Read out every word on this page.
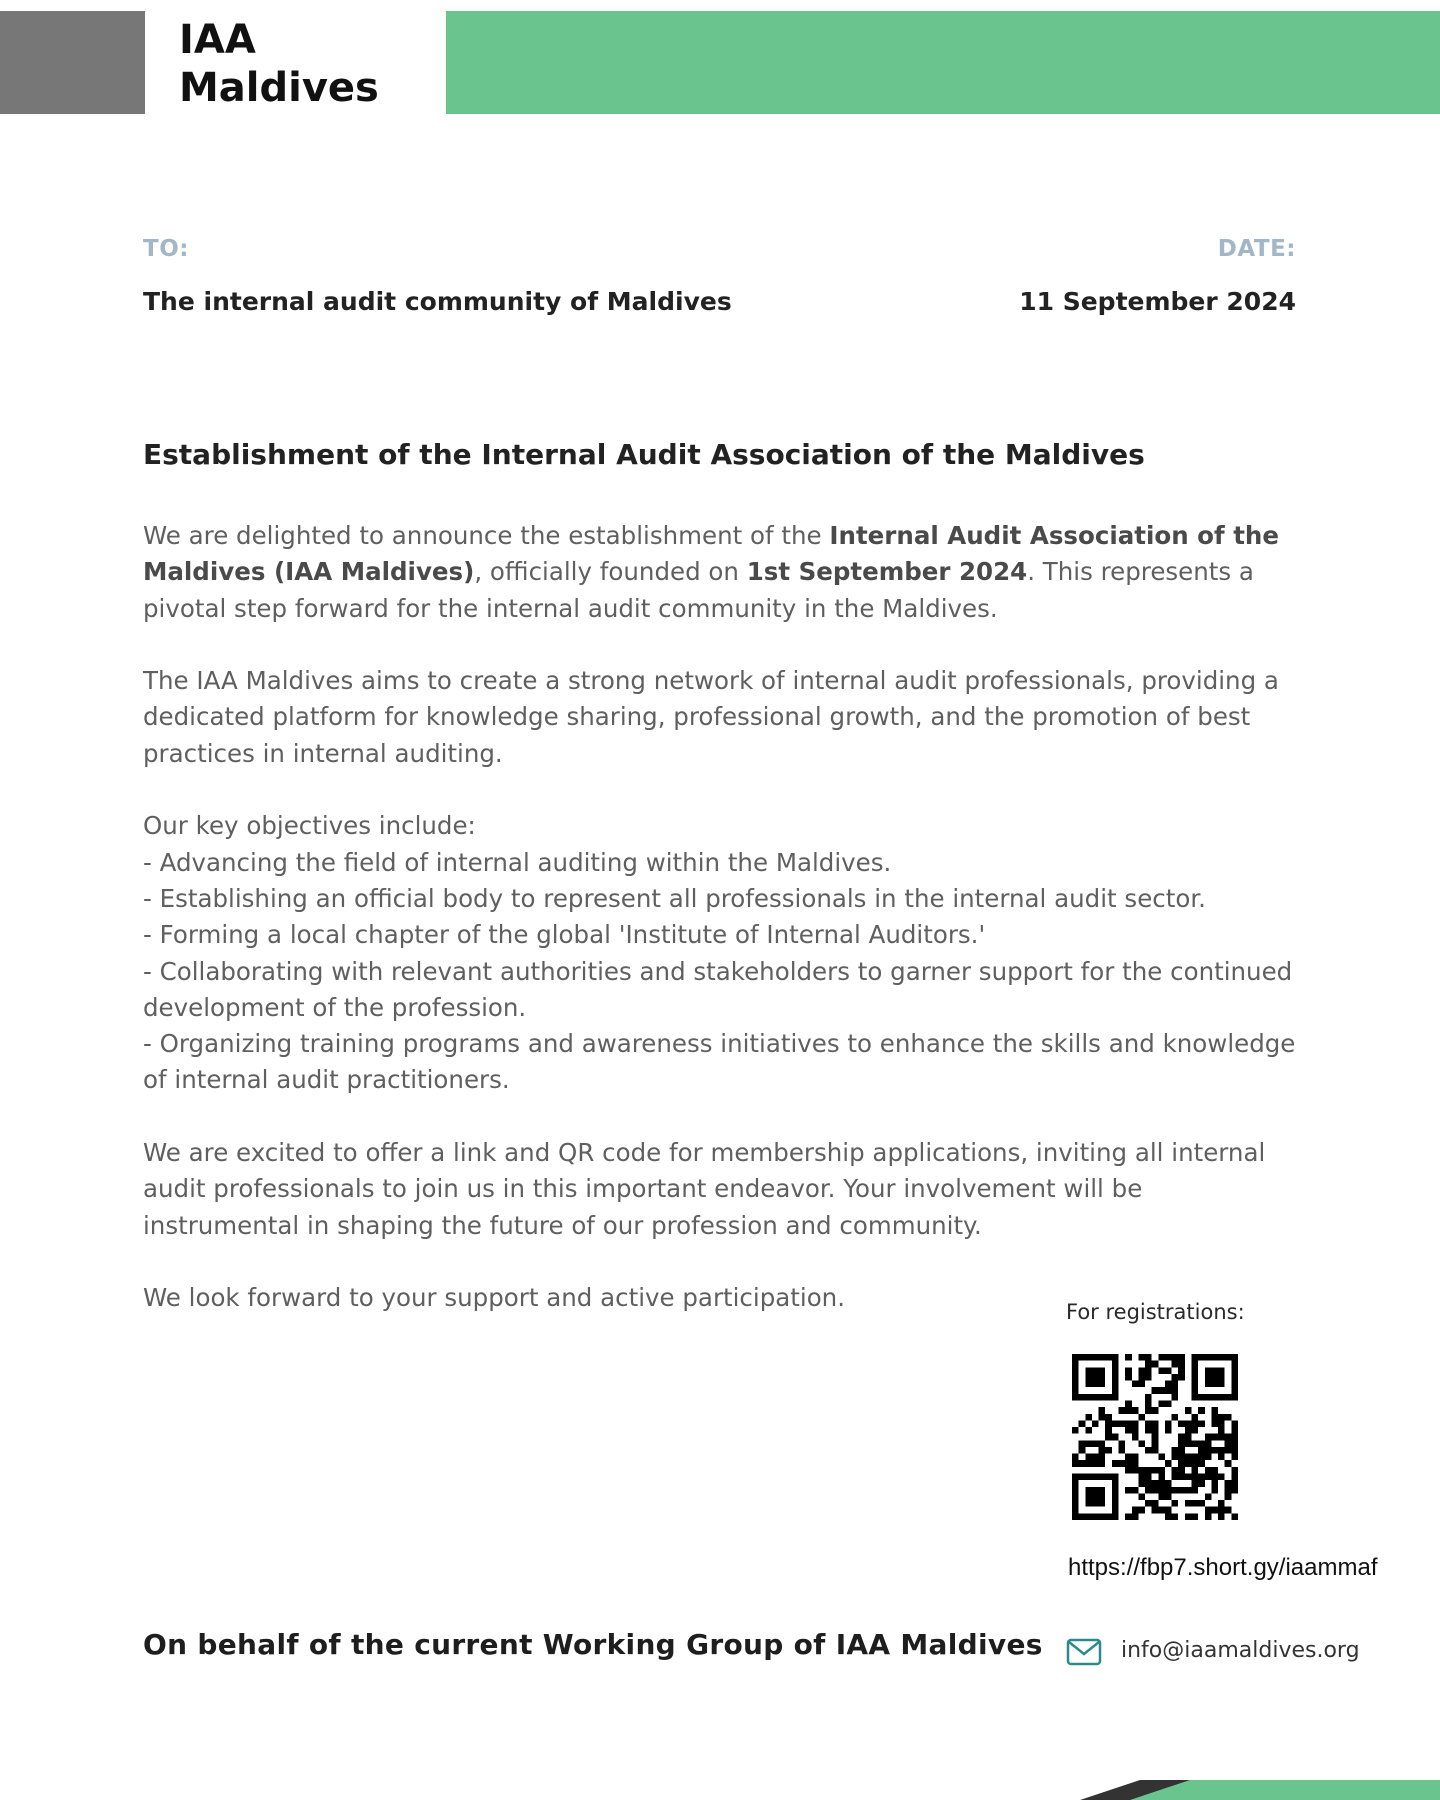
IAA
Maldives
TO:	DATE:
The internal audit community of Maldives	11 September 2024
Establishment of the Internal Audit Association of the Maldives

We are delighted to announce the establishment of the Internal Audit Association of the Maldives (IAA Maldives), officially founded on 1st September 2024. This represents a pivotal step forward for the internal audit community in the Maldives.

The IAA Maldives aims to create a strong network of internal audit professionals, providing a dedicated platform for knowledge sharing, professional growth, and the promotion of best practices in internal auditing.

Our key objectives include:

- Advancing the field of internal auditing within the Maldives.

- Establishing an official body to represent all professionals in the internal audit sector.

- Forming a local chapter of the global 'Institute of Internal Auditors.'

- Collaborating with relevant authorities and stakeholders to garner support for the continued development of the profession.

- Organizing training programs and awareness initiatives to enhance the skills and knowledge of internal audit practitioners.

We are excited to offer a link and QR code for membership applications, inviting all internal audit professionals to join us in this important endeavor. Your involvement will be instrumental in shaping the future of our profession and community.

We look forward to your support and active participation.	For registrations:
https://fbp7.short.gy/iaammaf
On behalf of the current Working Group of IAA Maldives	info@iaamaldives.org
